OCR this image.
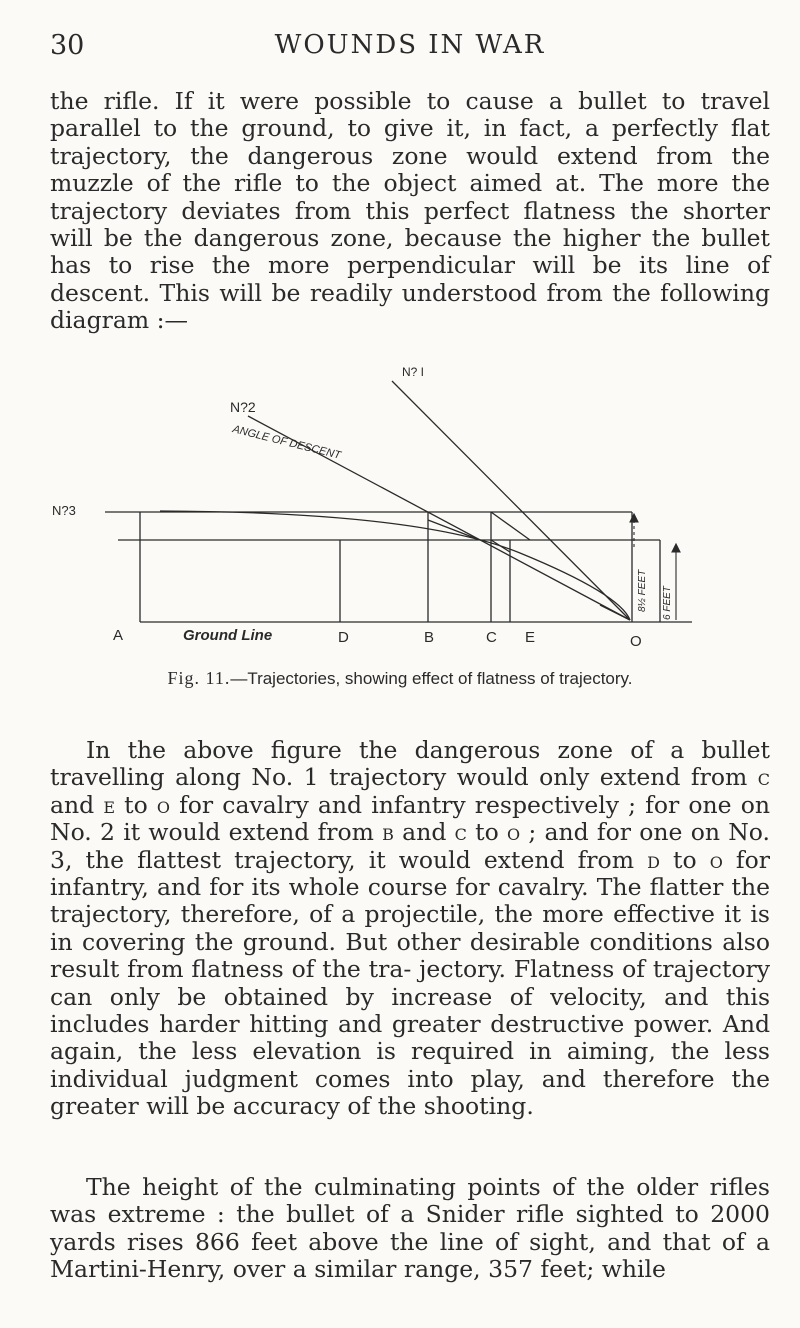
30	WOUNDS IN WAR

the rifle. If it were possible to cause a bullet to travel parallel to the ground, to give it, in fact, a perfectly flat trajectory, the dangerous zone would extend from the muzzle of the rifle to the object aimed at. The more the trajectory deviates from this perfect flatness the shorter will be the dangerous zone, because the higher the bullet has to rise the more perpendicular will be its line of descent. This will be readily understood from the following diagram :—

N? I
N?2
N?3
ANGLE OF DESCENT
Ground Line
A	D	B	C E	O
8½ FEET 6 FEET
Fig. 11.—Trajectories, showing effect of flatness of trajectory.

In the above figure the dangerous zone of a bullet travelling along No. 1 trajectory would only extend from c and e to o for cavalry and infantry respectively ; for one on No. 2 it would extend from b and c to o ; and for one on No. 3, the flattest trajectory, it would extend from d to o for infantry, and for its whole course for cavalry. The flatter the trajectory, therefore, of a projectile, the more effective it is in covering the ground. But other desirable conditions also result from flatness of the tra- jectory. Flatness of trajectory can only be obtained by increase of velocity, and this includes harder hitting and greater destructive power. And again, the less elevation is required in aiming, the less individual judgment comes into play, and therefore the greater will be accuracy of the shooting.

The height of the culminating points of the older rifles was extreme : the bullet of a Snider rifle sighted to 2000 yards rises 866 feet above the line of sight, and that of a Martini-Henry, over a similar range, 357 feet; while
